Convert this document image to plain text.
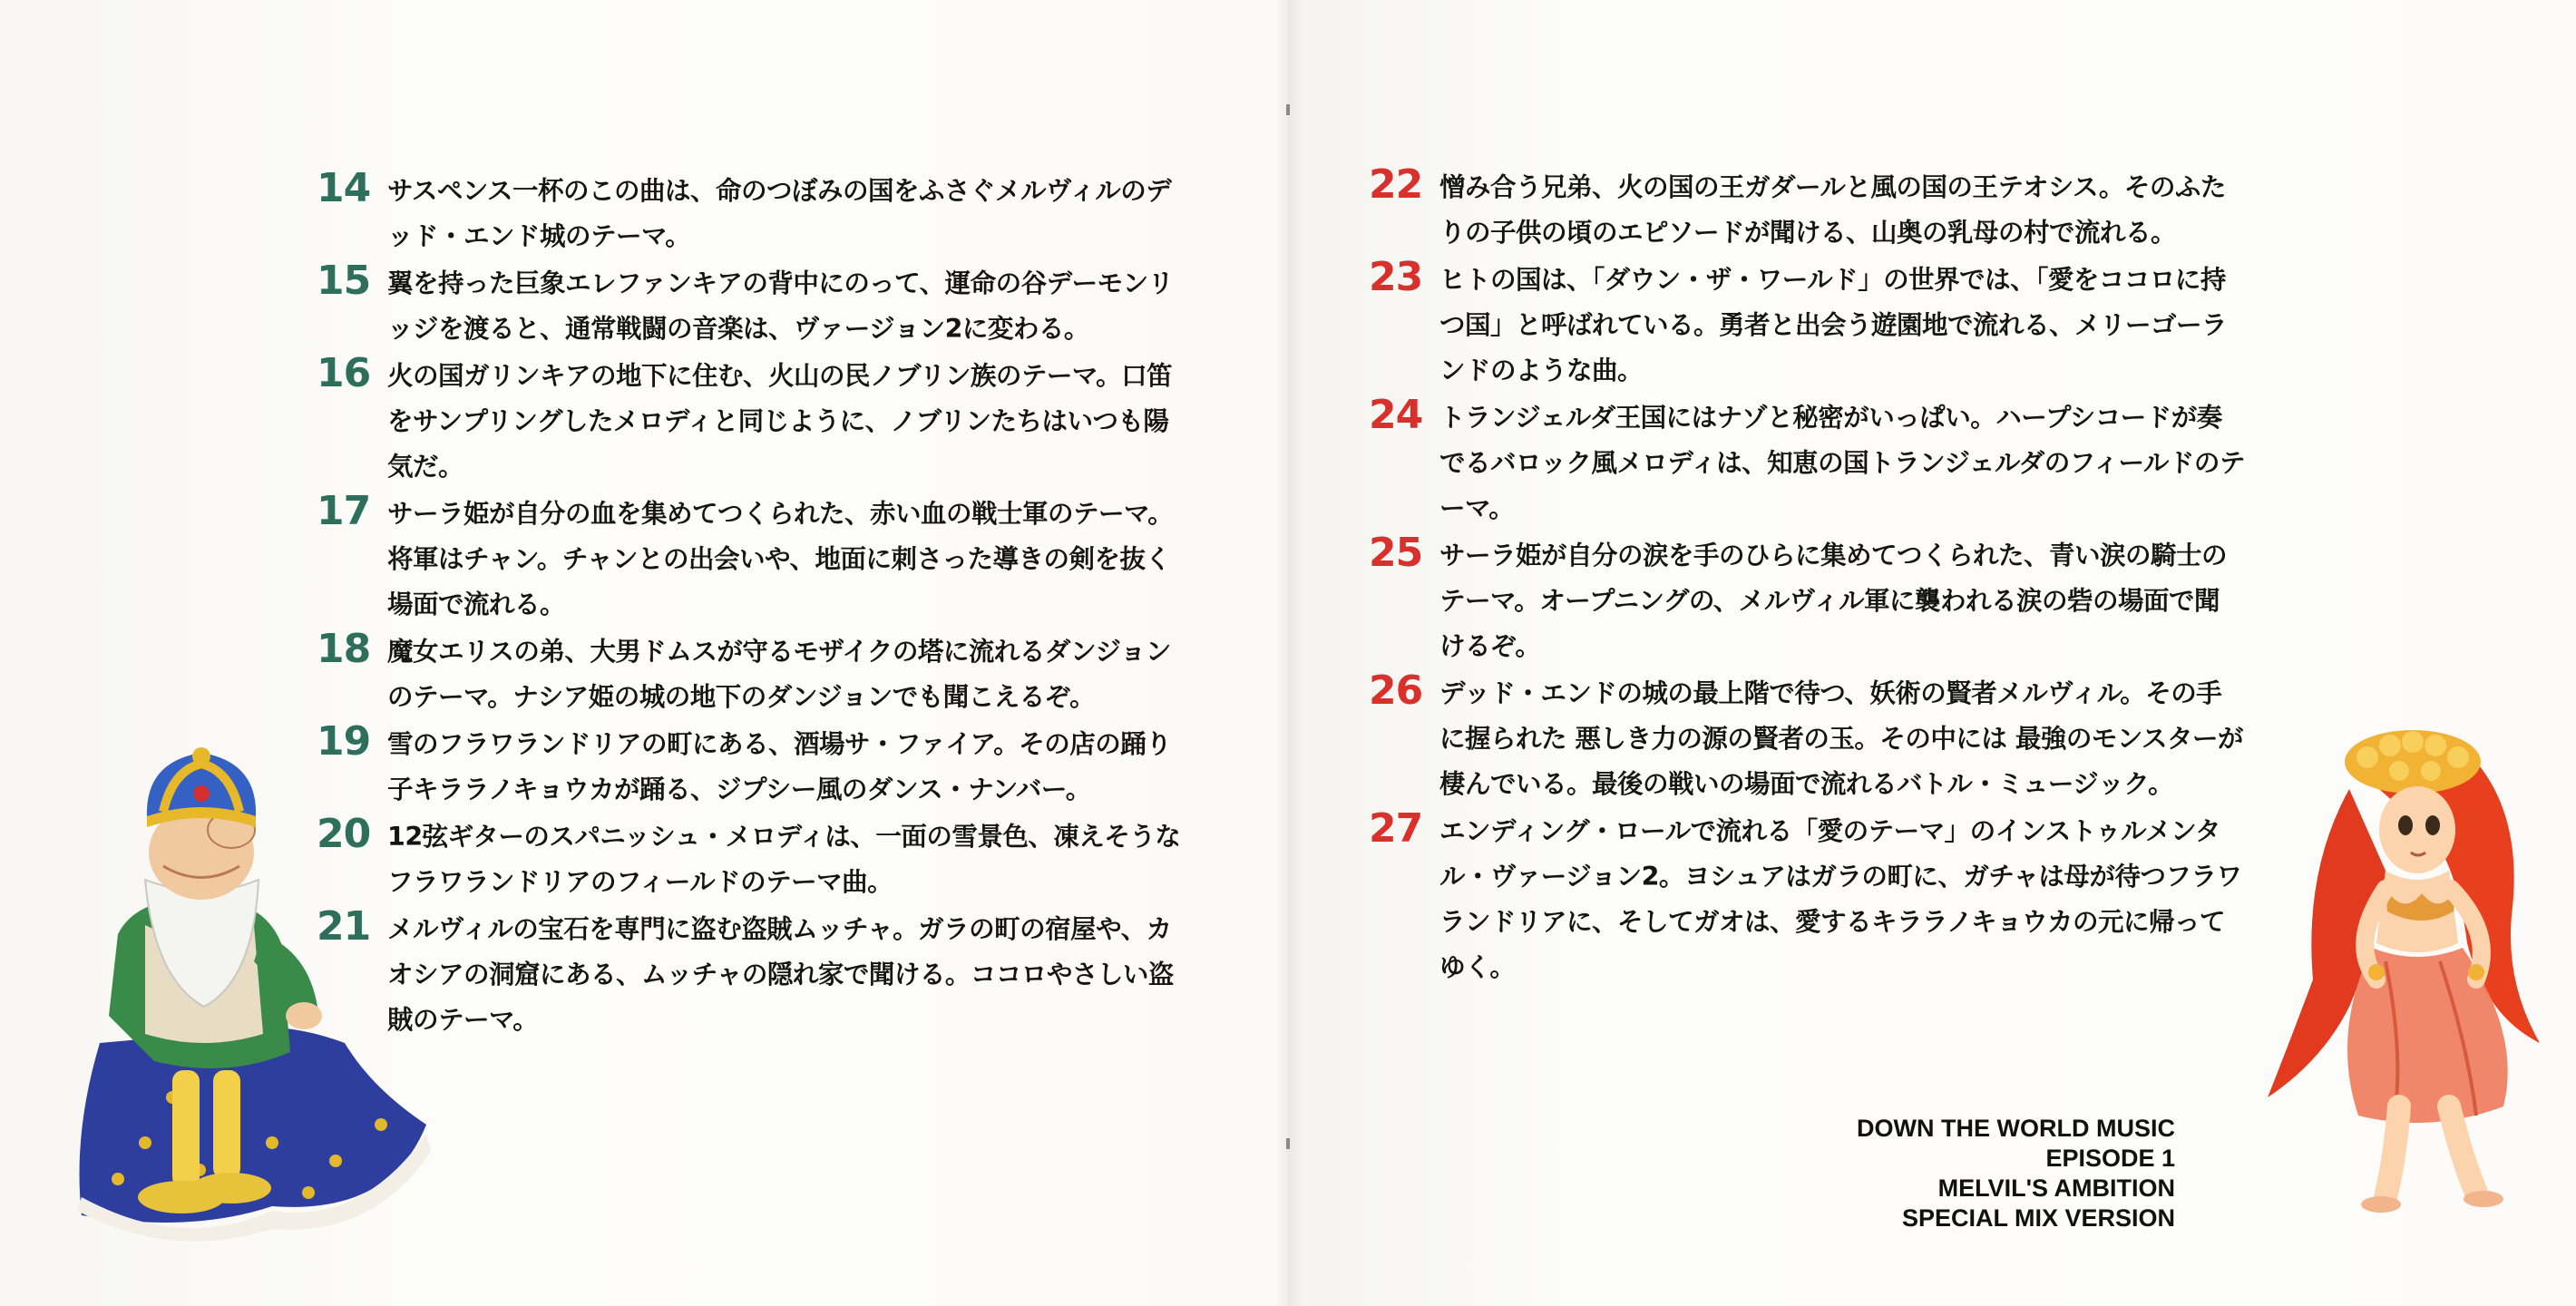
14 サスペンス一杯のこの曲は、命のつぼみの国をふさぐメルヴィルのデッド・エンド城のテーマ。
15 翼を持った巨象エレファンキアの背中にのって、運命の谷デーモンリッジを渡ると、通常戦闘の音楽は、ヴァージョン2に変わる。
16 火の国ガリンキアの地下に住む、火山の民ノブリン族のテーマ。口笛をサンプリングしたメロディと同じように、ノブリンたちはいつも陽気だ。
17 サーラ姫が自分の血を集めてつくられた、赤い血の戦士軍のテーマ。将軍はチャン。チャンとの出会いや、地面に刺さった導きの剣を抜く場面で流れる。
18 魔女エリスの弟、大男ドムスが守るモザイクの塔に流れるダンジョンのテーマ。ナシア姫の城の地下のダンジョンでも聞こえるぞ。
19 雪のフラワランドリアの町にある、酒場サ・ファイア。その店の踊り子キララノキョウカが踊る、ジプシー風のダンス・ナンバー。
20 12弦ギターのスパニッシュ・メロディは、一面の雪景色、凍えそうなフラワランドリアのフィールドのテーマ曲。
21 メルヴィルの宝石を専門に盗む盗賊ムッチャ。ガラの町の宿屋や、カオシアの洞窟にある、ムッチャの隠れ家で聞ける。ココロやさしい盗賊のテーマ。
22 憎み合う兄弟、火の国の王ガダールと風の国の王テオシス。そのふたりの子供の頃のエピソードが聞ける、山奥の乳母の村で流れる。
23 ヒトの国は、「ダウン・ザ・ワールド」の世界では、「愛をココロに持つ国」と呼ばれている。勇者と出会う遊園地で流れる、メリーゴーランドのような曲。
24 トランジェルダ王国にはナゾと秘密がいっぱい。ハープシコードが奏でるバロック風メロディは、知恵の国トランジェルダのフィールドのテーマ。
25 サーラ姫が自分の涙を手のひらに集めてつくられた、青い涙の騎士のテーマ。オープニングの、メルヴィル軍に襲われる涙の砦の場面で聞けるぞ。
26 デッド・エンドの城の最上階で待つ、妖術の賢者メルヴィル。その手に握られた 悪しき力の源の賢者の玉。その中には 最強のモンスターが棲んでいる。最後の戦いの場面で流れるバトル・ミュージック。
27 エンディング・ロールで流れる「愛のテーマ」のインストゥルメンタル・ヴァージョン2。ヨシュアはガラの町に、ガチャは母が待つフラワランドリアに、そしてガオは、愛するキララノキョウカの元に帰ってゆく。
DOWN THE WORLD MUSIC
EPISODE 1
MELVIL'S AMBITION
SPECIAL MIX VERSION
